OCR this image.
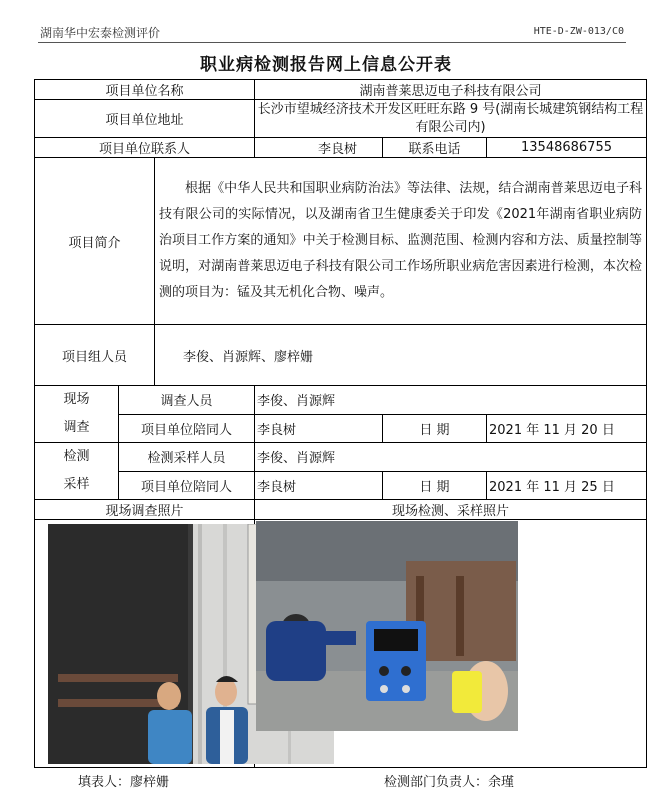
湖南华中宏泰检测评价	HTE-D-ZW-013/C0
职业病检测报告网上信息公开表
项目单位名称			湖南普莱思迈电子科技有限公司		
项目单位地址			长沙市望城经济技术开发区旺旺东路 9 号(湖南长城建筑钢结构工程有限公司内)		
项目单位联系人			李良树	联系电话	13548686755
项目简介		根据《中华人民共和国职业病防治法》等法律、法规，结合湖南普莱思迈电子科技有限公司的实际情况，以及湖南省卫生健康委关于印发《2021年湖南省职业病防治项目工作方案的通知》中关于检测目标、监测范围、检测内容和方法、质量控制等说明，对湖南普莱思迈电子科技有限公司工作场所职业病危害因素进行检测，本次检测的项目为：锰及其无机化合物、噪声。			
项目组人员		李俊、肖源辉、廖梓姗			

现场
调查	调查人员		李俊、肖源辉		
	项目单位陪同人		李良树	日 期	2021 年 11 月 20 日

检测
采样	检测采样人员		李俊、肖源辉		
	项目单位陪同人		李良树	日 期	2021 年 11 月 25 日
现场调查照片			现场检测、采样照片		

填表人：廖梓姗	检测部门负责人：余瑾
